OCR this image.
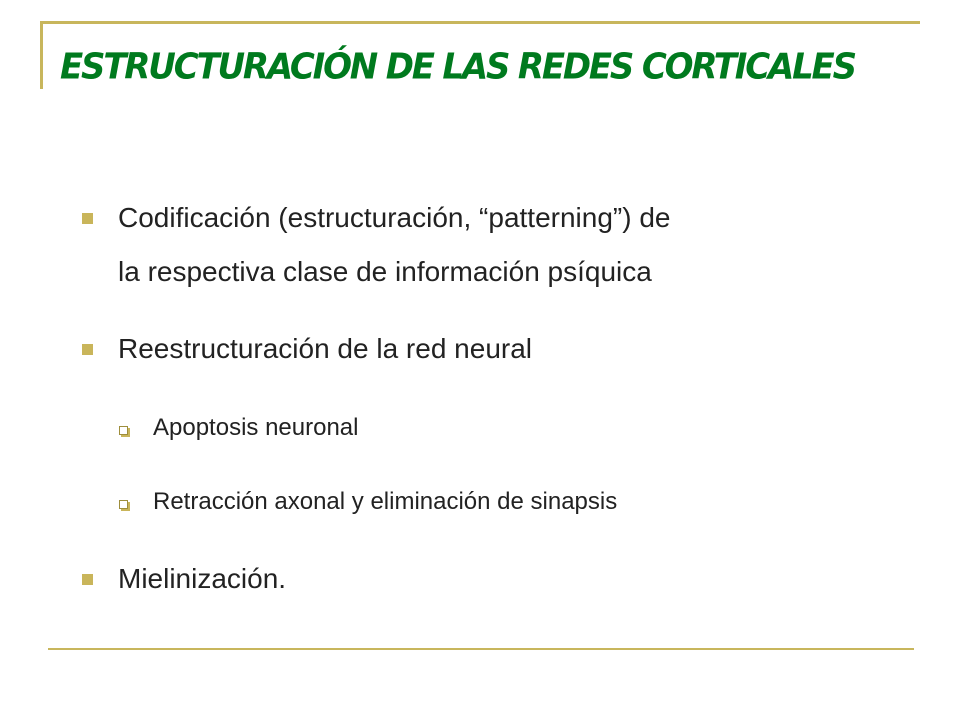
ESTRUCTURACIÓN DE LAS REDES CORTICALES
Codificación (estructuración, “patterning”) de
la respectiva clase de información psíquica
Reestructuración de la red neural
Apoptosis neuronal
Retracción axonal y eliminación de sinapsis
Mielinización.
